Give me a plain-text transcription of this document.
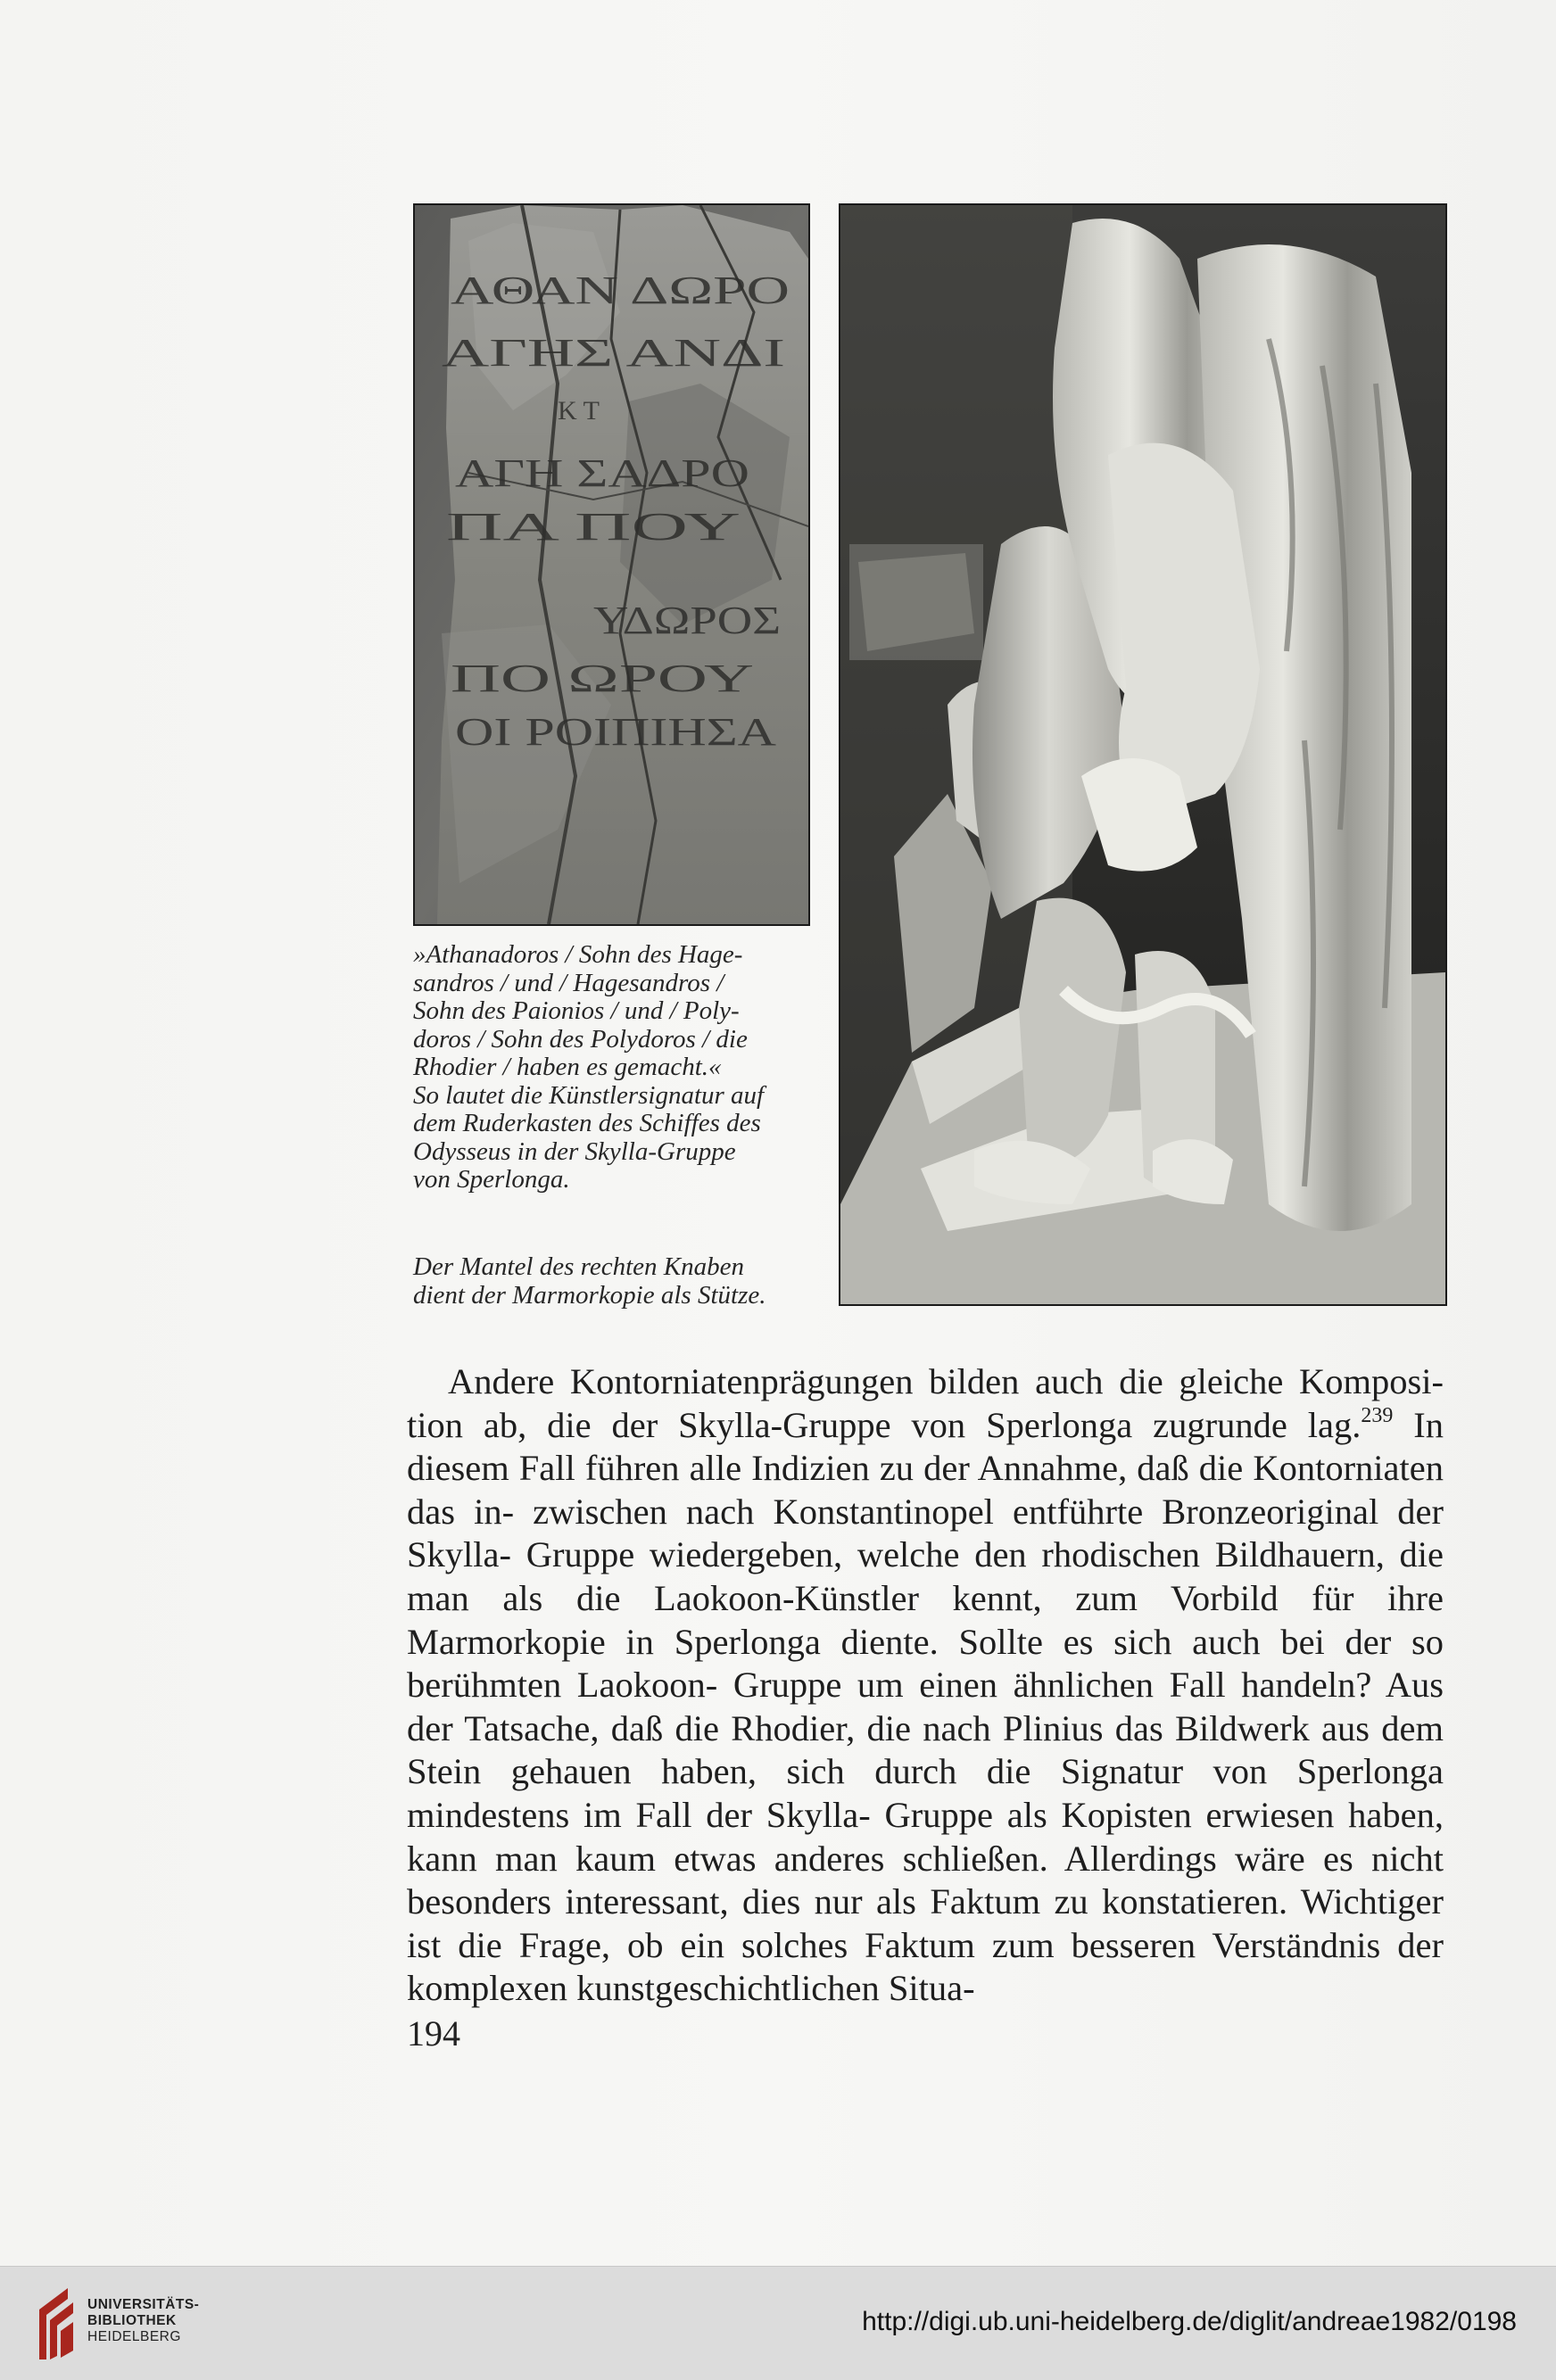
ΑΘΑΝ ΔΩΡΟ
ΑΓΗΣ ΑΝΔΙ
Κ Τ
ΑΓΗ ΣΑΔΡΟ
ΠΑ ΠΟΥ
ΥΔΩΡΟΣ
ΠΟ ΩΡΟΥ
ΟΙ ΡΟΙΠΙΗΣΑ

»Athanadoros / Sohn des Hage-
sandros / und / Hagesandros /
Sohn des Paionios / und / Poly-
doros / Sohn des Polydoros / die
Rhodier / haben es gemacht.«
So lautet die Künstlersignatur auf
dem Ruderkasten des Schiffes des
Odysseus in der Skylla-Gruppe
von Sperlonga.

Der Mantel des rechten Knaben
dient der Marmorkopie als Stütze.

Andere Kontorniatenprägungen bilden auch die gleiche Komposi- tion ab, die der Skylla-Gruppe von Sperlonga zugrunde lag.$^{239}$ In diesem Fall führen alle Indizien zu der Annahme, daß die Kontorniaten das in- zwischen nach Konstantinopel entführte Bronzeoriginal der Skylla- Gruppe wiedergeben, welche den rhodischen Bildhauern, die man als die Laokoon-Künstler kennt, zum Vorbild für ihre Marmorkopie in Sperlonga diente. Sollte es sich auch bei der so berühmten Laokoon- Gruppe um einen ähnlichen Fall handeln? Aus der Tatsache, daß die Rhodier, die nach Plinius das Bildwerk aus dem Stein gehauen haben, sich durch die Signatur von Sperlonga mindestens im Fall der Skylla- Gruppe als Kopisten erwiesen haben, kann man kaum etwas anderes schließen. Allerdings wäre es nicht besonders interessant, dies nur als Faktum zu konstatieren. Wichtiger ist die Frage, ob ein solches Faktum zum besseren Verständnis der komplexen kunstgeschichtlichen Situa-

194
UNIVERSITÄTS-
BIBLIOTHEK
HEIDELBERG
http://digi.ub.uni-heidelberg.de/diglit/andreae1982/0198
